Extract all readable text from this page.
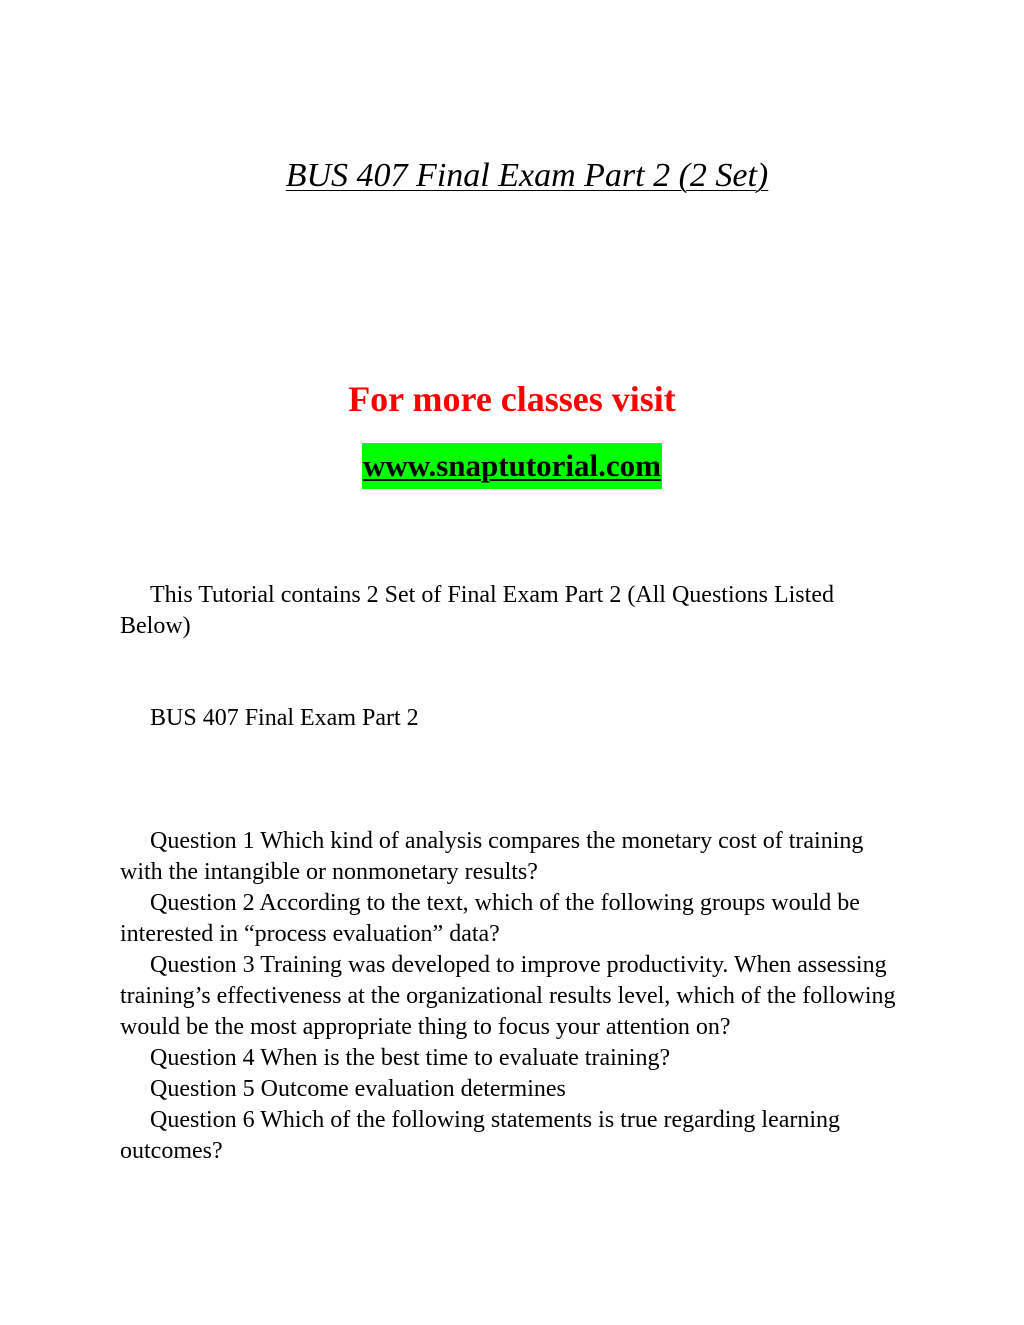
BUS 407 Final Exam Part 2 (2 Set)
For more classes visit
www.snaptutorial.com

This Tutorial contains 2 Set of Final Exam Part 2 (All Questions Listed Below)

BUS 407 Final Exam Part 2

Question 1 Which kind of analysis compares the monetary cost of training with the intangible or nonmonetary results?

Question 2 According to the text, which of the following groups would be interested in “process evaluation” data?

Question 3 Training was developed to improve productivity. When assessing training’s effectiveness at the organizational results level, which of the following would be the most appropriate thing to focus your attention on?

Question 4 When is the best time to evaluate training?

Question 5 Outcome evaluation determines

Question 6 Which of the following statements is true regarding learning outcomes?
